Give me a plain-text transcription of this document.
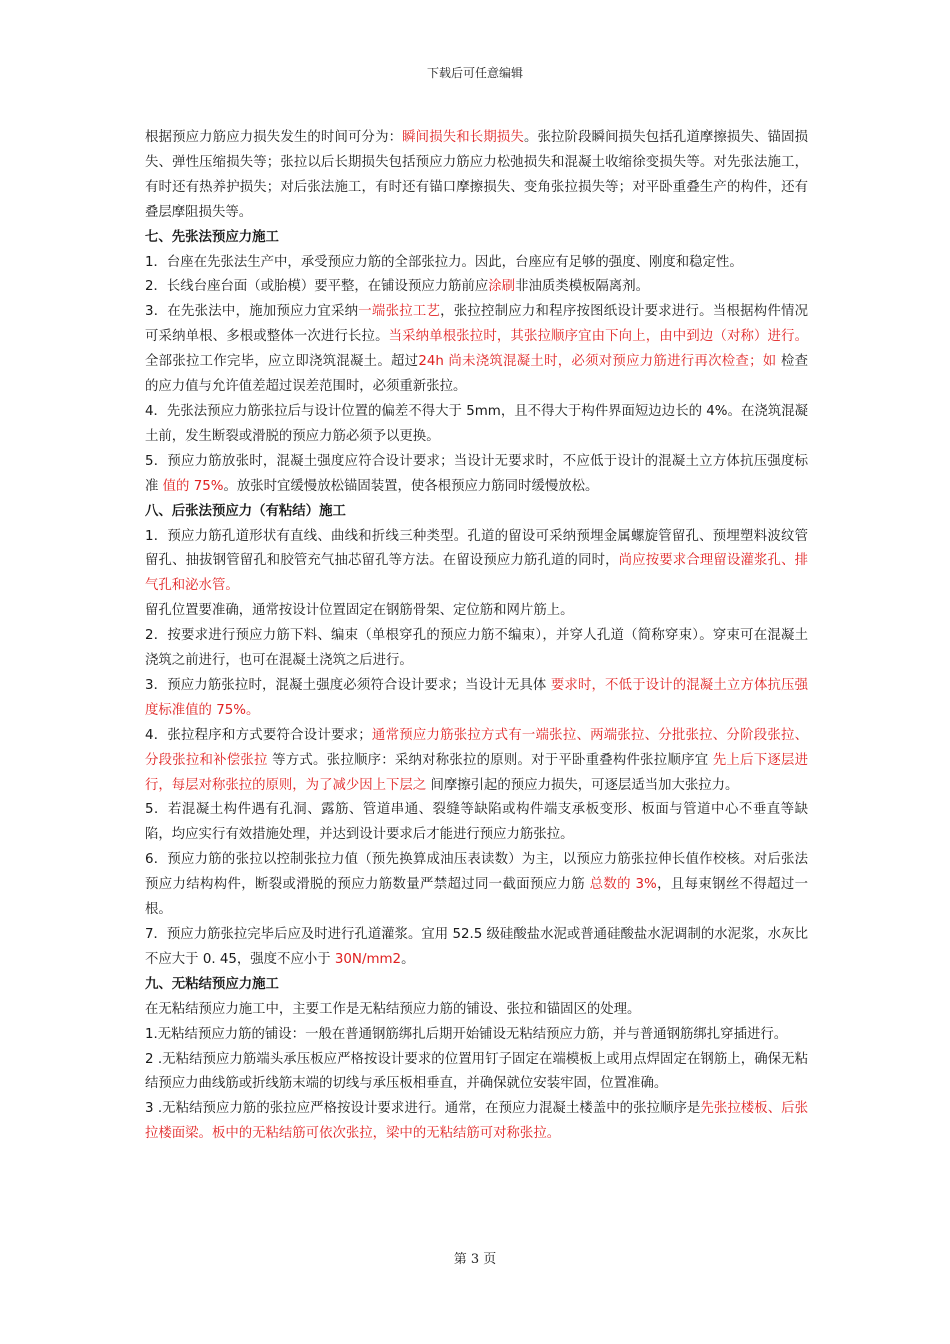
下载后可任意编辑

根据预应力筋应力损失发生的时间可分为：瞬间损失和长期损失。张拉阶段瞬间损失包括孔道摩擦损失、锚固损失、弹性压缩损失等；张拉以后长期损失包括预应力筋应力松弛损失和混凝土收缩徐变损失等。对先张法施工，有时还有热养护损失；对后张法施工，有时还有锚口摩擦损失、变角张拉损失等；对平卧重叠生产的构件，还有叠层摩阻损失等。

七、先张法预应力施工

1．台座在先张法生产中，承受预应力筋的全部张拉力。因此，台座应有足够的强度、刚度和稳定性。

2．长线台座台面（或胎模）要平整，在铺设预应力筋前应涂刷非油质类模板隔离剂。

3．在先张法中，施加预应力宜采纳一端张拉工艺，张拉控制应力和程序按图纸设计要求进行。当根据构件情况可采纳单根、多根或整体一次进行长拉。当采纳单根张拉时，其张拉顺序宜由下向上，由中到边（对称）进行。全部张拉工作完毕，应立即浇筑混凝土。超过24h 尚未浇筑混凝土时，必须对预应力筋进行再次检查；如 检查的应力值与允许值差超过误差范围时，必须重新张拉。

4．先张法预应力筋张拉后与设计位置的偏差不得大于 5mm，且不得大于构件界面短边边长的 4%。在浇筑混凝土前，发生断裂或滑脱的预应力筋必须予以更换。

5．预应力筋放张时，混凝土强度应符合设计要求；当设计无要求时，不应低于设计的混凝土立方体抗压强度标准 值的 75%。放张时宜缓慢放松锚固装置，使各根预应力筋同时缓慢放松。

八、后张法预应力（有粘结）施工

1．预应力筋孔道形状有直线、曲线和折线三种类型。孔道的留设可采纳预埋金属螺旋管留孔、预埋塑料波纹管留孔、抽拔钢管留孔和胶管充气抽芯留孔等方法。在留设预应力筋孔道的同时，尚应按要求合理留设灌浆孔、排气孔和泌水管。

留孔位置要准确，通常按设计位置固定在钢筋骨架、定位筋和网片筋上。

2．按要求进行预应力筋下料、编束（单根穿孔的预应力筋不编束），并穿人孔道（简称穿束）。穿束可在混凝土浇筑之前进行，也可在混凝土浇筑之后进行。

3．预应力筋张拉时，混凝土强度必须符合设计要求；当设计无具体 要求时，不低于设计的混凝土立方体抗压强度标准值的 75%。

4．张拉程序和方式要符合设计要求；通常预应力筋张拉方式有一端张拉、两端张拉、分批张拉、分阶段张拉、分段张拉和补偿张拉 等方式。张拉顺序：采纳对称张拉的原则。对于平卧重叠构件张拉顺序宜 先上后下逐层进行，每层对称张拉的原则，为了减少因上下层之 间摩擦引起的预应力损失，可逐层适当加大张拉力。

5．若混凝土构件遇有孔洞、露筋、管道串通、裂缝等缺陷或构件端支承板变形、板面与管道中心不垂直等缺陷，均应实行有效措施处理，并达到设计要求后才能进行预应力筋张拉。

6．预应力筋的张拉以控制张拉力值（预先换算成油压表读数）为主，以预应力筋张拉伸长值作校核。对后张法预应力结构构件，断裂或滑脱的预应力筋数量严禁超过同一截面预应力筋 总数的 3%，且每束钢丝不得超过一根。

7．预应力筋张拉完毕后应及时进行孔道灌浆。宜用 52.5 级硅酸盐水泥或普通硅酸盐水泥调制的水泥浆，水灰比不应大于 0. 45，强度不应小于 30N/mm2。

九、无粘结预应力施工

在无粘结预应力施工中，主要工作是无粘结预应力筋的铺设、张拉和锚固区的处理。

1.无粘结预应力筋的铺设：一般在普通钢筋绑扎后期开始铺设无粘结预应力筋，并与普通钢筋绑扎穿插进行。

2 .无粘结预应力筋端头承压板应严格按设计要求的位置用钉子固定在端模板上或用点焊固定在钢筋上，确保无粘结预应力曲线筋或折线筋末端的切线与承压板相垂直，并确保就位安装牢固，位置准确。

3 .无粘结预应力筋的张拉应严格按设计要求进行。通常，在预应力混凝土楼盖中的张拉顺序是先张拉楼板、后张拉楼面梁。板中的无粘结筋可依次张拉，梁中的无粘结筋可对称张拉。

第 3 页
